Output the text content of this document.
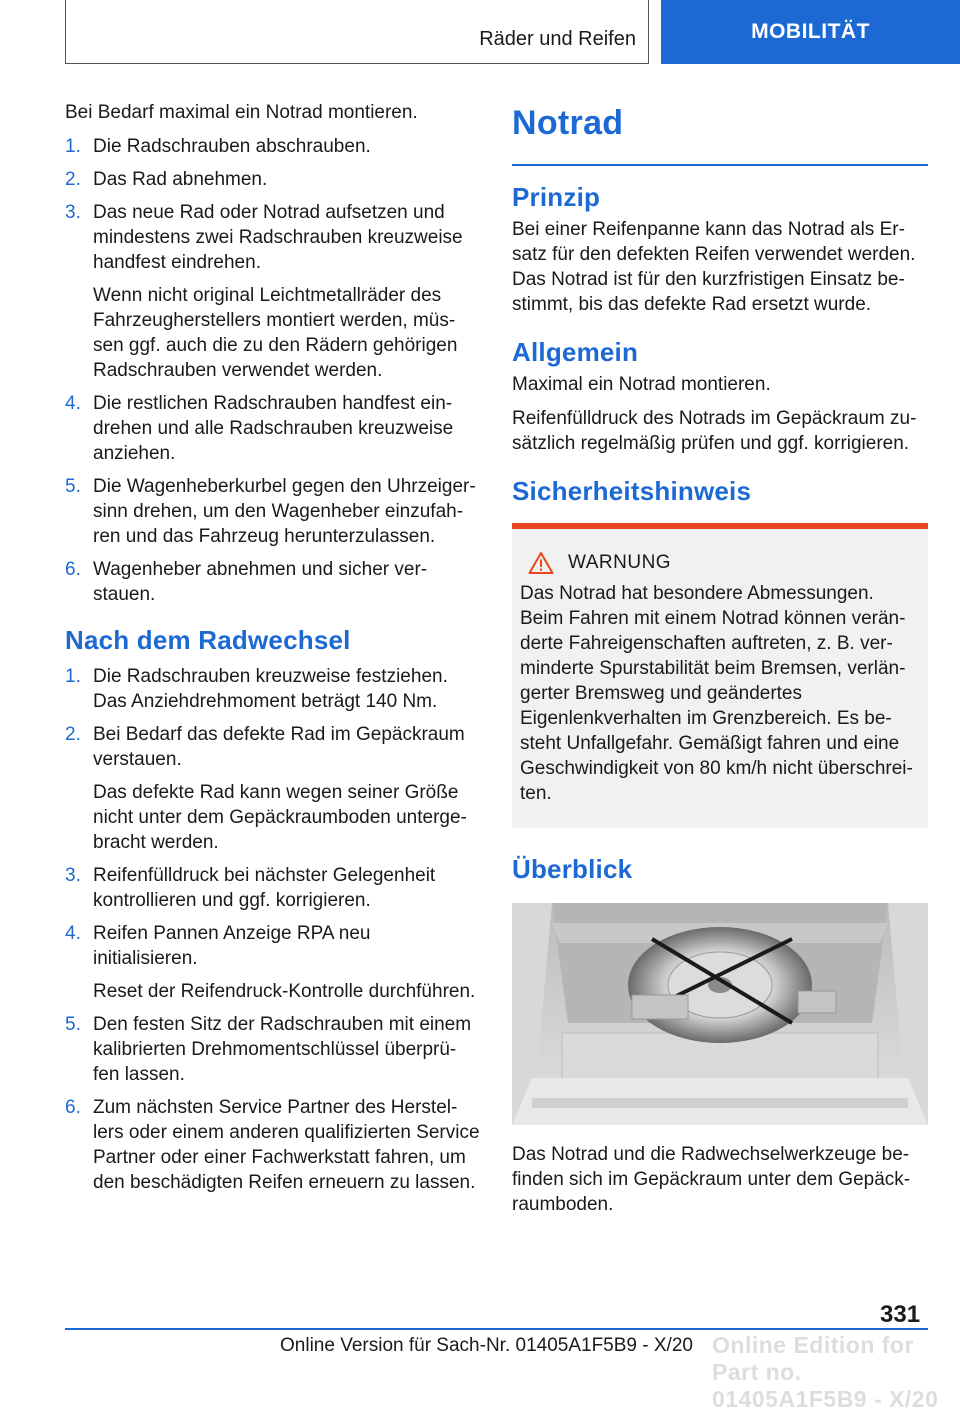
Räder und Reifen	MOBILITÄT

Bei Bedarf maximal ein Notrad montieren.

1. Die Radschrauben abschrauben.
2. Das Rad abnehmen.
3. Das neue Rad oder Notrad aufsetzen und mindestens zwei Radschrauben kreuzweise handfest eindrehen.
Wenn nicht original Leichtmetallräder des Fahrzeugherstellers montiert werden, müs- sen ggf. auch die zu den Rädern gehörigen Radschrauben verwendet werden.
4. Die restlichen Radschrauben handfest ein- drehen und alle Radschrauben kreuzweise anziehen.
5. Die Wagenheberkurbel gegen den Uhrzeiger- sinn drehen, um den Wagenheber einzufah- ren und das Fahrzeug herunterzulassen.
6. Wagenheber abnehmen und sicher ver- stauen.
Nach dem Radwechsel
1. Die Radschrauben kreuzweise festziehen. Das Anziehdrehmoment beträgt 140 Nm.
2. Bei Bedarf das defekte Rad im Gepäckraum verstauen.
Das defekte Rad kann wegen seiner Größe nicht unter dem Gepäckraumboden unterge- bracht werden.
3. Reifenfülldruck bei nächster Gelegenheit kontrollieren und ggf. korrigieren.
4. Reifen Pannen Anzeige RPA neu initialisieren.
Reset der Reifendruck-Kontrolle durchführen.
5. Den festen Sitz der Radschrauben mit einem kalibrierten Drehmomentschlüssel überprü- fen lassen.
6. Zum nächsten Service Partner des Herstel- lers oder einem anderen qualifizierten Service Partner oder einer Fachwerkstatt fahren, um den beschädigten Reifen erneuern zu lassen.
Notrad
Prinzip

Bei einer Reifenpanne kann das Notrad als Er- satz für den defekten Reifen verwendet werden. Das Notrad ist für den kurzfristigen Einsatz be- stimmt, bis das defekte Rad ersetzt wurde.

Allgemein

Maximal ein Notrad montieren.

Reifenfülldruck des Notrads im Gepäckraum zu- sätzlich regelmäßig prüfen und ggf. korrigieren.

Sicherheitshinweis
WARNUNG

Das Notrad hat besondere Abmessungen. Beim Fahren mit einem Notrad können verän- derte Fahreigenschaften auftreten, z. B. ver- minderte Spurstabilität beim Bremsen, verlän- gerter Bremsweg und geändertes Eigenlenkverhalten im Grenzbereich. Es be- steht Unfallgefahr. Gemäßigt fahren und eine Geschwindigkeit von 80 km/h nicht überschrei- ten.

Überblick

Das Notrad und die Radwechselwerkzeuge be- finden sich im Gepäckraum unter dem Gepäck- raumboden.

331
Online Edition for Part no. 01405A1F5B9 - X/20
Online Version für Sach-Nr. 01405A1F5B9 - X/20
